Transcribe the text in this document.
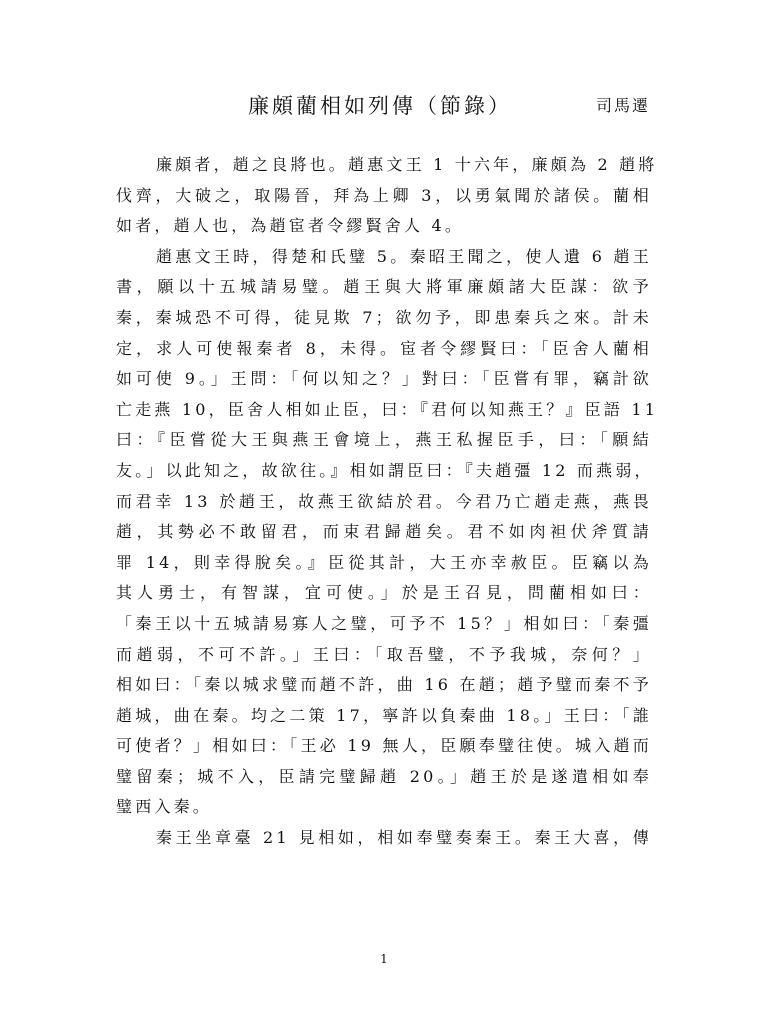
廉頗藺相如列傳（節錄）	司馬遷
廉頗者，趙之良將也。趙惠文王 1 十六年，廉頗為 2 趙將
伐齊，大破之，取陽晉，拜為上卿 3，以勇氣聞於諸侯。藺相
如者，趙人也，為趙宦者令繆賢舍人 4。
趙惠文王時，得楚和氏璧 5。秦昭王聞之，使人遺 6 趙王
書，願以十五城請易璧。趙王與大將軍廉頗諸大臣謀：欲予
秦，秦城恐不可得，徒見欺 7；欲勿予，即患秦兵之來。計未
定，求人可使報秦者 8，未得。宦者令繆賢曰：「臣舍人藺相
如可使 9。」王問：「何以知之？」對曰：「臣嘗有罪，竊計欲
亡走燕 10，臣舍人相如止臣，曰：『君何以知燕王？』臣語 11
曰：『臣嘗從大王與燕王會境上，燕王私握臣手，曰：「願結
友。」以此知之，故欲往。』相如謂臣曰：『夫趙彊 12 而燕弱，
而君幸 13 於趙王，故燕王欲結於君。今君乃亡趙走燕，燕畏
趙，其勢必不敢留君，而束君歸趙矣。君不如肉袒伏斧質請
罪 14，則幸得脫矣。』臣從其計，大王亦幸赦臣。臣竊以為
其人勇士，有智謀，宜可使。」於是王召見，問藺相如曰：
「秦王以十五城請易寡人之璧，可予不 15？」相如曰：「秦彊
而趙弱，不可不許。」王曰：「取吾璧，不予我城，奈何？」
相如曰：「秦以城求璧而趙不許，曲 16 在趙；趙予璧而秦不予
趙城，曲在秦。均之二策 17，寧許以負秦曲 18。」王曰：「誰
可使者？」相如曰：「王必 19 無人，臣願奉璧往使。城入趙而
璧留秦；城不入，臣請完璧歸趙 20。」趙王於是遂遣相如奉
璧西入秦。
秦王坐章臺 21 見相如，相如奉璧奏秦王。秦王大喜，傳
1
